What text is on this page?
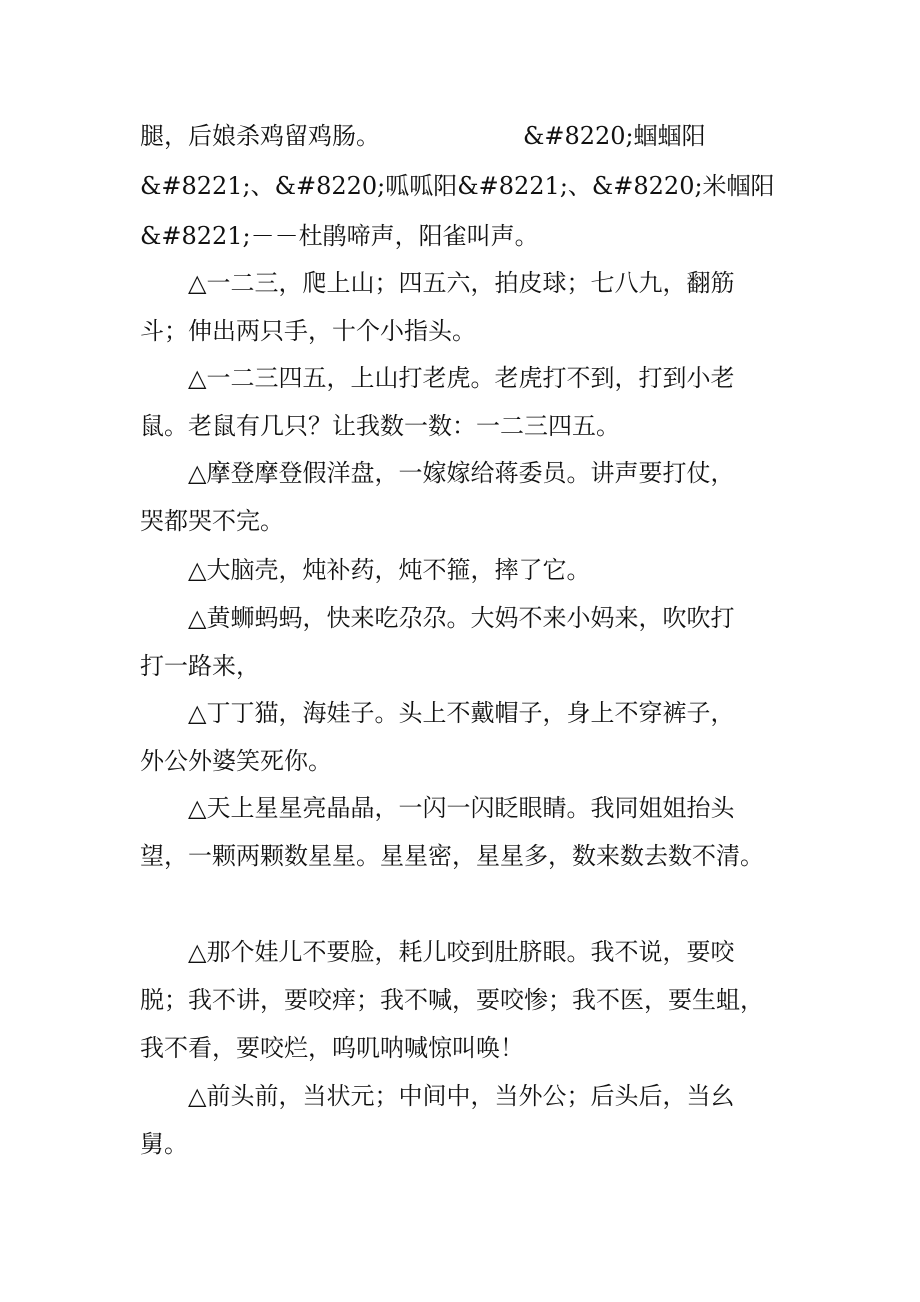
腿，后娘杀鸡留鸡肠。	&#8220;蝈蝈阳
&#8221;、&#8220;呱呱阳&#8221;、&#8220;米帼阳
&#8221;－－杜鹃啼声，阳雀叫声。
△一二三，爬上山；四五六，拍皮球；七八九，翻筋
斗；伸出两只手，十个小指头。
△一二三四五，上山打老虎。老虎打不到，打到小老
鼠。老鼠有几只？让我数一数：一二三四五。
△摩登摩登假洋盘，一嫁嫁给蒋委员。讲声要打仗，
哭都哭不完。
△大脑壳，炖补药，炖不箍，摔了它。
△黄蛳蚂蚂，快来吃尕尕。大妈不来小妈来，吹吹打
打一路来，
△丁丁猫，海娃子。头上不戴帽子，身上不穿裤子，
外公外婆笑死你。
△天上星星亮晶晶，一闪一闪眨眼睛。我同姐姐抬头
望，一颗两颗数星星。星星密，星星多，数来数去数不清。
△那个娃儿不要脸，耗儿咬到肚脐眼。我不说，要咬
脱；我不讲，要咬痒；我不喊，要咬惨；我不医，要生蛆，
我不看，要咬烂，呜叽呐喊惊叫唤！
△前头前，当状元；中间中，当外公；后头后，当幺
舅。
